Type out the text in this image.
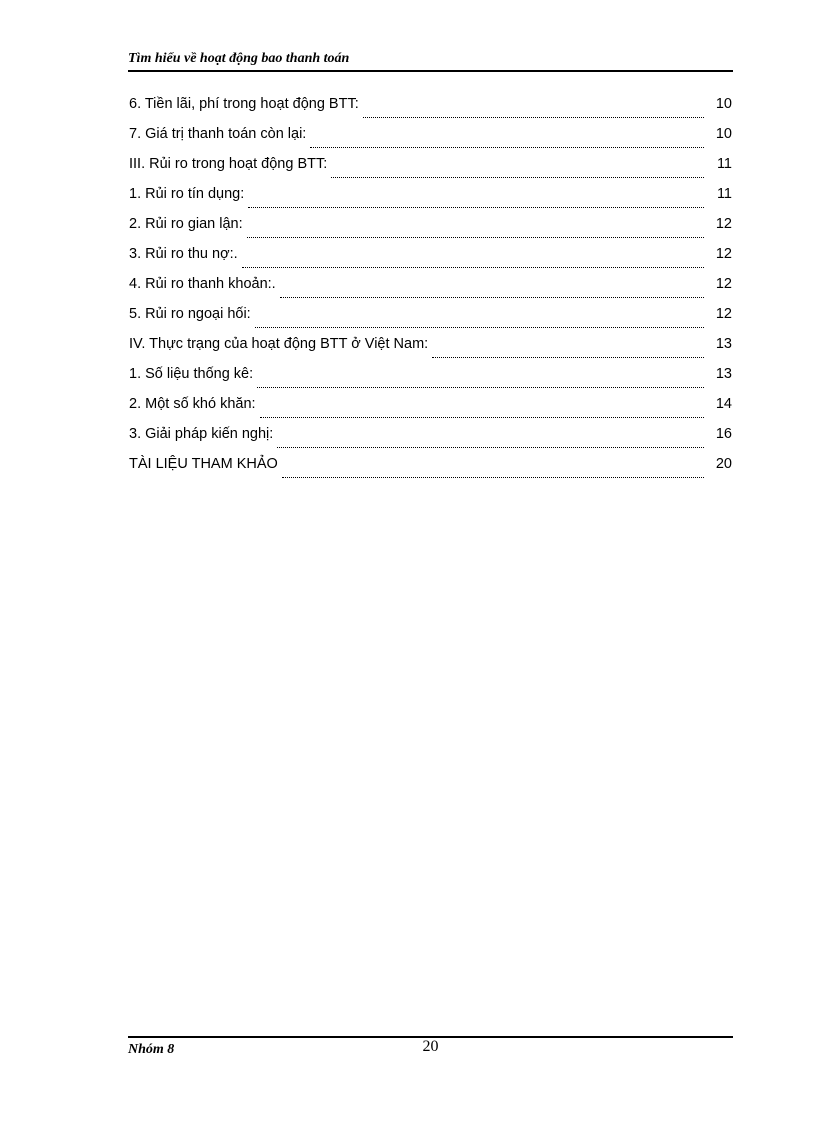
Tìm hiểu về hoạt động bao thanh toán
6. Tiền lãi, phí trong hoạt động BTT:	10
7. Giá trị thanh toán còn lại:	10
III. Rủi ro trong hoạt động BTT:	11
1. Rủi ro tín dụng:	11
2. Rủi ro gian lận:	12
3. Rủi ro thu nợ:.	12
4. Rủi ro thanh khoản:.	12
5. Rủi ro ngoại hối:	12
IV. Thực trạng của hoạt động BTT ở Việt Nam:	13
1. Số liệu thống kê:	13
2. Một số khó khăn:	14
3. Giải pháp kiến nghị:	16
TÀI LIỆU THAM KHẢO	20
Nhóm 8	20
